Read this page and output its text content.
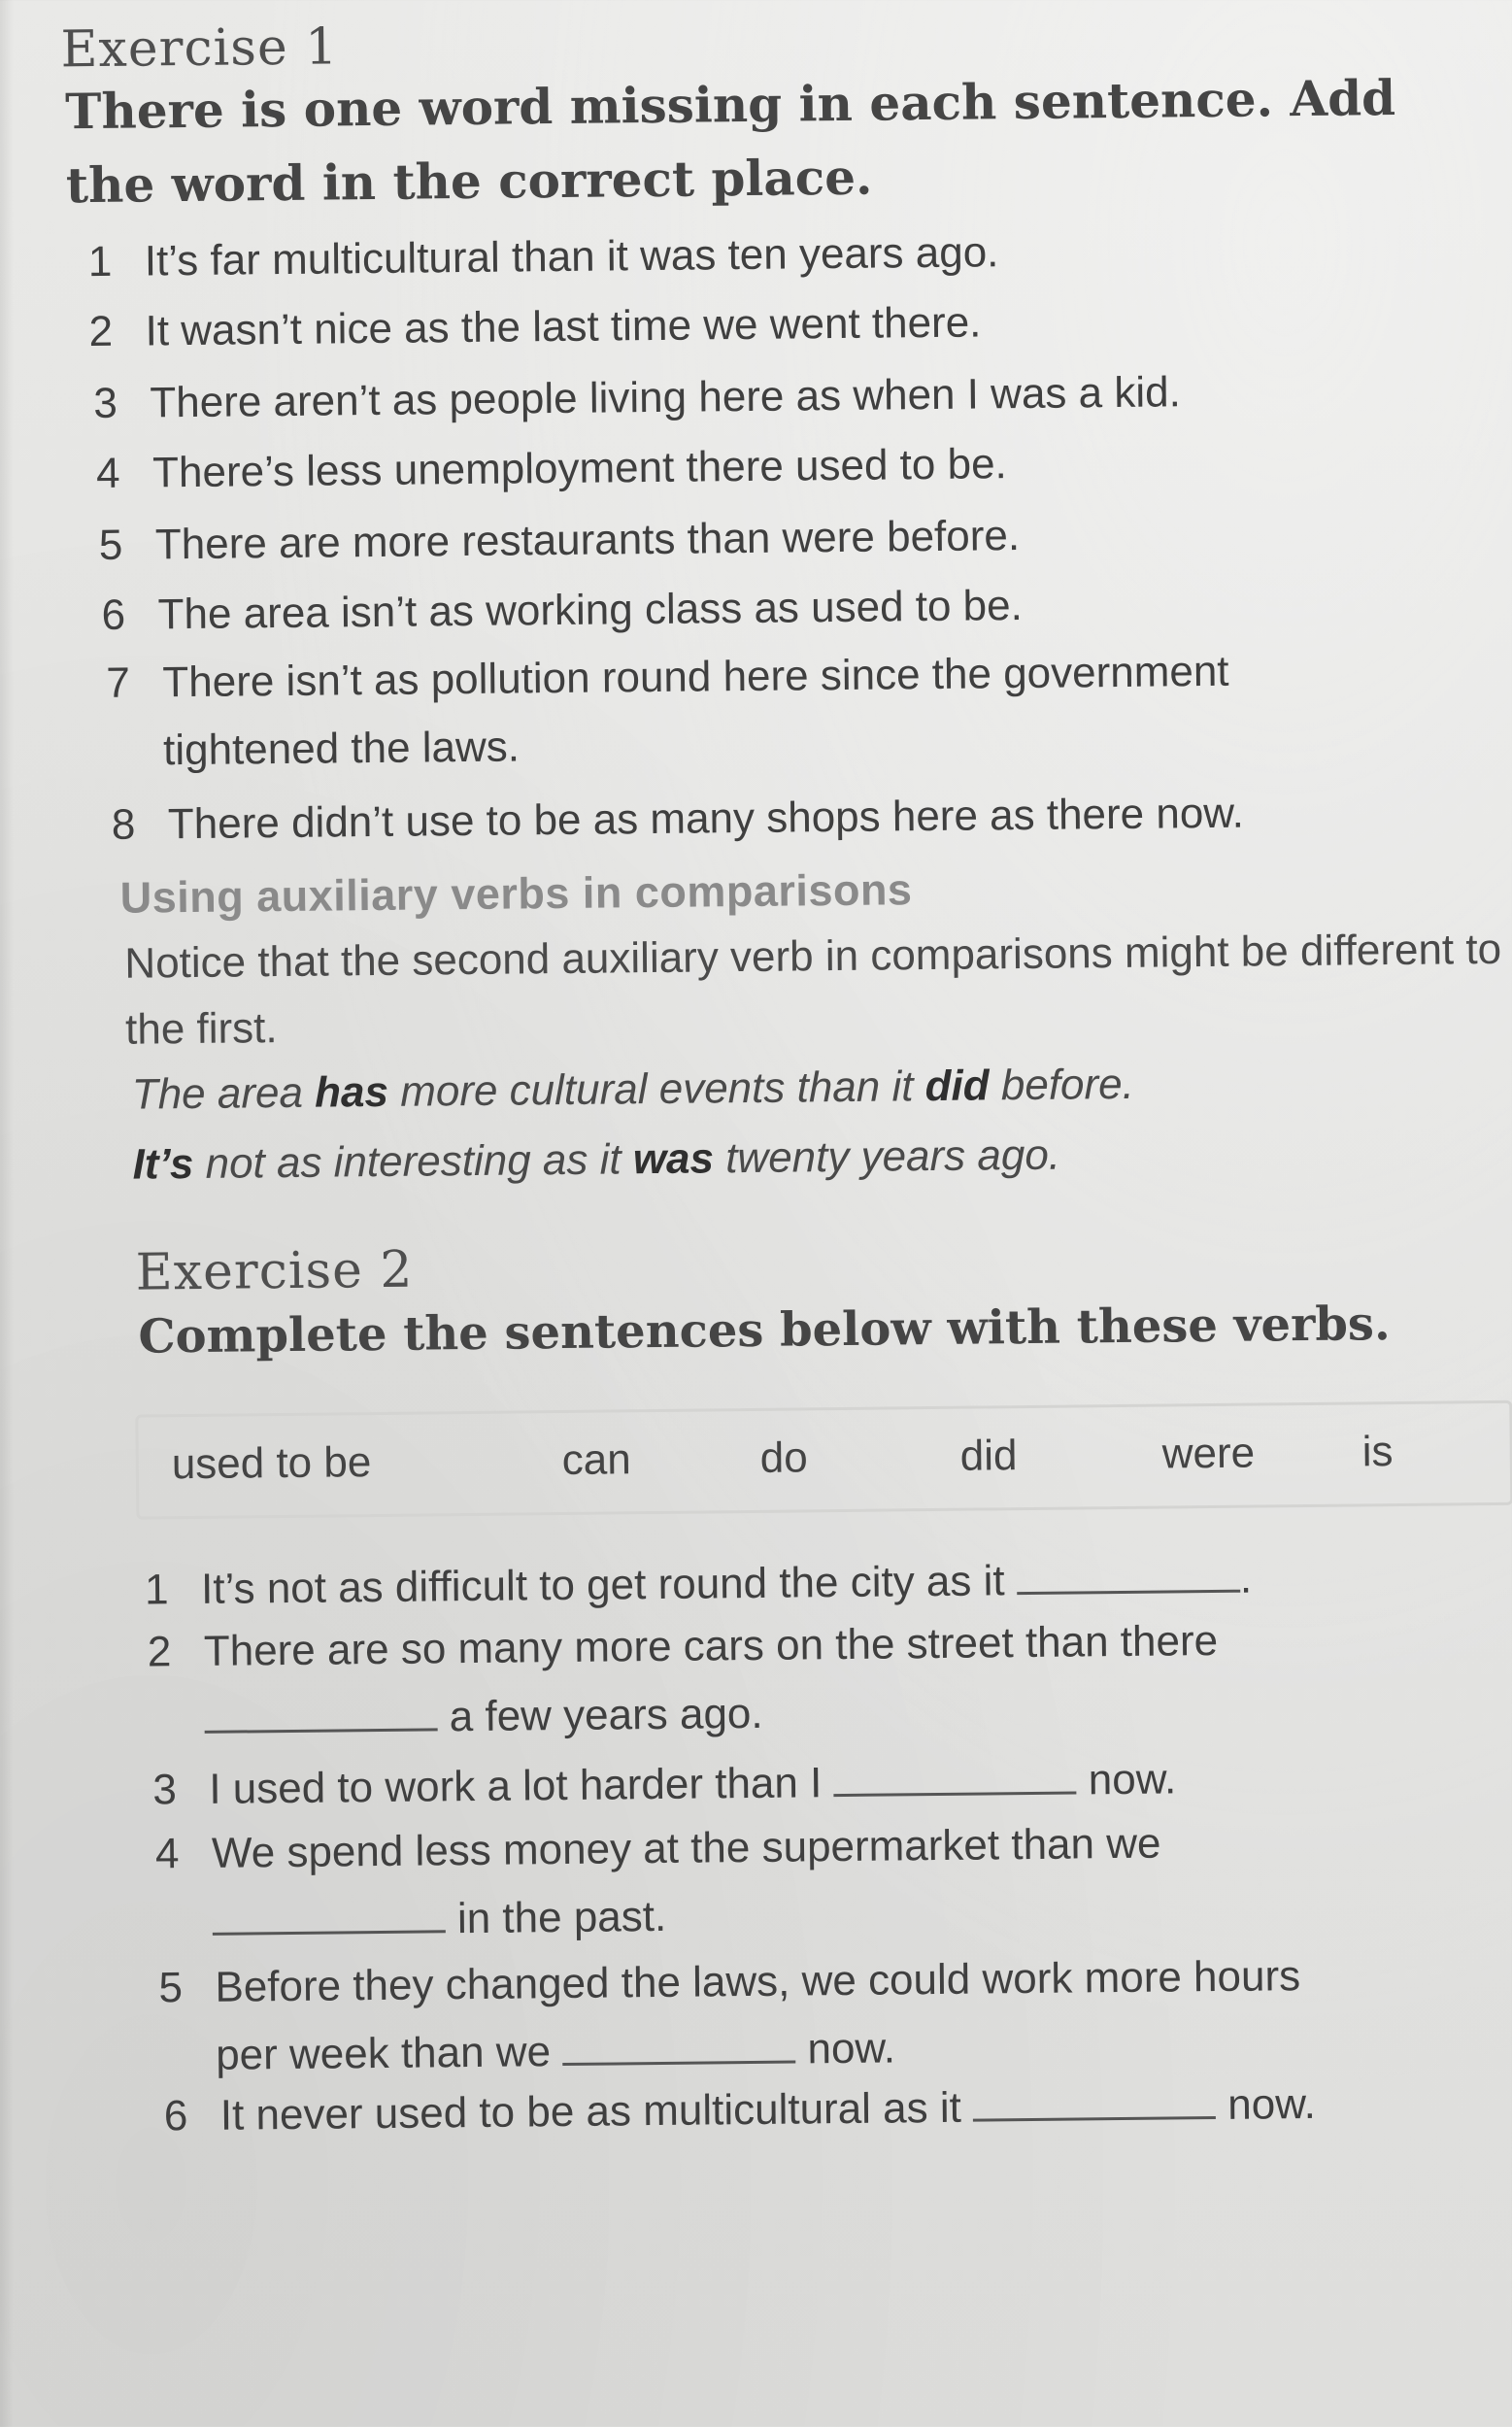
Exercise 1
There is one word missing in each sentence. Add the word in the correct place.
1 It’s far multicultural than it was ten years ago.
2 It wasn’t nice as the last time we went there.
3 There aren’t as people living here as when I was a kid.
4 There’s less unemployment there used to be.
5 There are more restaurants than were before.
6 The area isn’t as working class as used to be.
7 There isn’t as pollution round here since the government
tightened the laws.
8 There didn’t use to be as many shops here as there now.
Using auxiliary verbs in comparisons
Notice that the second auxiliary verb in comparisons might be different to the first.
The area has more cultural events than it did before.
It’s not as interesting as it was twenty years ago.
Exercise 2
Complete the sentences below with these verbs.
used to be	can	do	did	were	is
1 It’s not as difficult to get round the city as it	.
2 There are so many more cars on the street than there
a few years ago.
3 I used to work a lot harder than I	now.
4 We spend less money at the supermarket than we
in the past.
5 Before they changed the laws, we could work more hours
per week than we	now.
6 It never used to be as multicultural as it	now.
